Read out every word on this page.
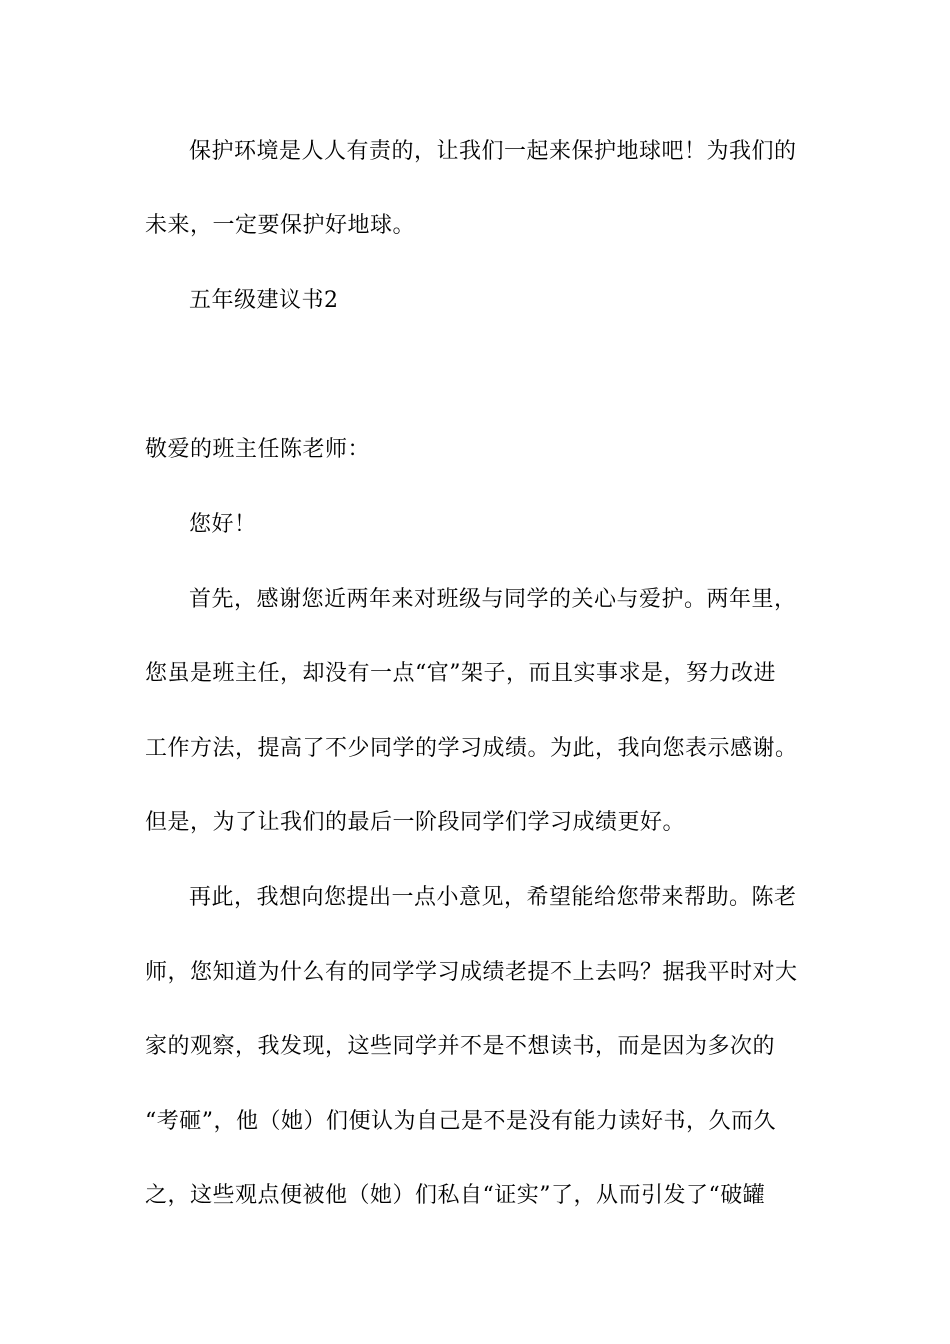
保护环境是人人有责的，让我们一起来保护地球吧！为我们的
未来，一定要保护好地球。
五年级建议书2
敬爱的班主任陈老师：
您好！
首先，感谢您近两年来对班级与同学的关心与爱护。两年里，
您虽是班主任，却没有一点“官”架子，而且实事求是，努力改进
工作方法，提高了不少同学的学习成绩。为此，我向您表示感谢。
但是，为了让我们的最后一阶段同学们学习成绩更好。
再此，我想向您提出一点小意见，希望能给您带来帮助。陈老
师，您知道为什么有的同学学习成绩老提不上去吗？据我平时对大
家的观察，我发现，这些同学并不是不想读书，而是因为多次的
“考砸”，他（她）们便认为自己是不是没有能力读好书，久而久
之，这些观点便被他（她）们私自“证实”了，从而引发了“破罐
